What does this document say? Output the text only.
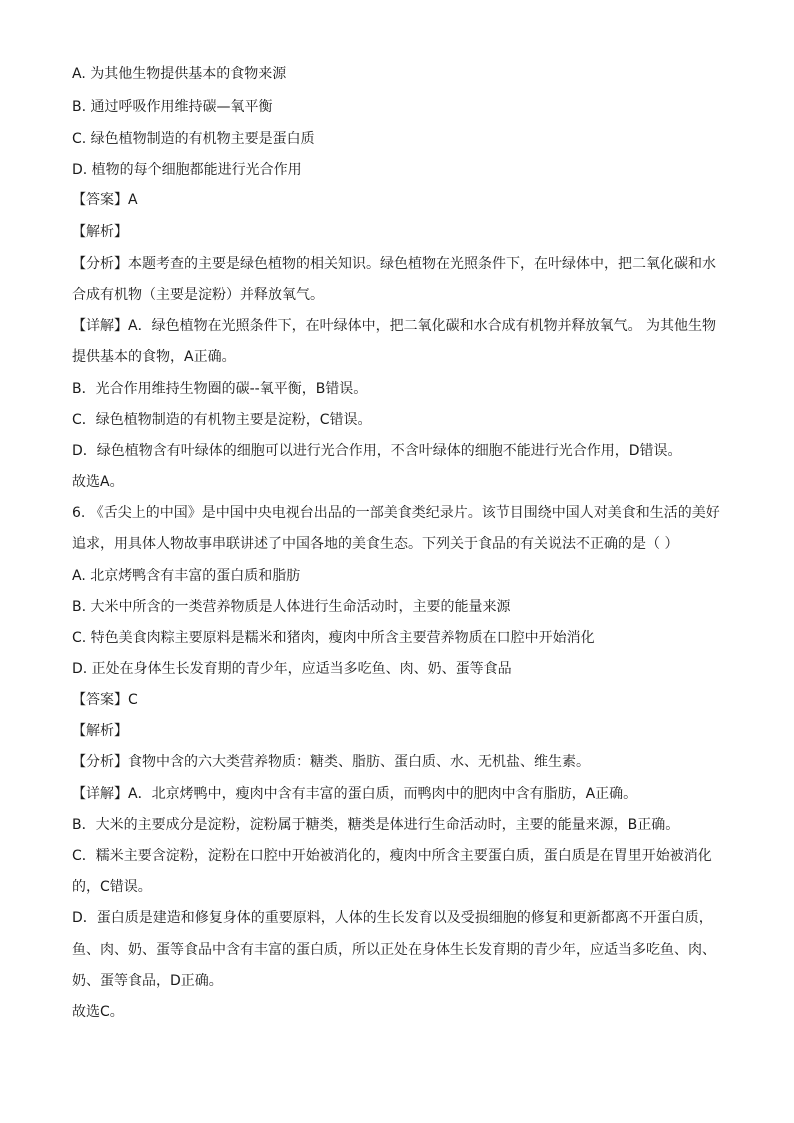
A. 为其他生物提供基本的食物来源
B. 通过呼吸作用维持碳—氧平衡
C. 绿色植物制造的有机物主要是蛋白质
D. 植物的每个细胞都能进行光合作用
【答案】A
【解析】
【分析】本题考查的主要是绿色植物的相关知识。绿色植物在光照条件下，在叶绿体中，把二氧化碳和水
合成有机物（主要是淀粉）并释放氧气。
【详解】A．绿色植物在光照条件下，在叶绿体中，把二氧化碳和水合成有机物并释放氧气。 为其他生物
提供基本的食物，A正确。
B．光合作用维持生物圈的碳--氧平衡，B错误。
C．绿色植物制造的有机物主要是淀粉，C错误。
D．绿色植物含有叶绿体的细胞可以进行光合作用，不含叶绿体的细胞不能进行光合作用，D错误。
故选A。
6. 《舌尖上的中国》是中国中央电视台出品的一部美食类纪录片。该节目围绕中国人对美食和生活的美好
追求，用具体人物故事串联讲述了中国各地的美食生态。下列关于食品的有关说法不正确的是（ ）
A. 北京烤鸭含有丰富的蛋白质和脂肪
B. 大米中所含的一类营养物质是人体进行生命活动时，主要的能量来源
C. 特色美食肉粽主要原料是糯米和猪肉，瘦肉中所含主要营养物质在口腔中开始消化
D. 正处在身体生长发育期的青少年，应适当多吃鱼、肉、奶、蛋等食品
【答案】C
【解析】
【分析】食物中含的六大类营养物质：糖类、脂肪、蛋白质、水、无机盐、维生素。
【详解】A．北京烤鸭中，瘦肉中含有丰富的蛋白质，而鸭肉中的肥肉中含有脂肪，A正确。
B．大米的主要成分是淀粉，淀粉属于糖类，糖类是体进行生命活动时，主要的能量来源，B正确。
C．糯米主要含淀粉，淀粉在口腔中开始被消化的，瘦肉中所含主要蛋白质，蛋白质是在胃里开始被消化
的，C错误。
D．蛋白质是建造和修复身体的重要原料，人体的生长发育以及受损细胞的修复和更新都离不开蛋白质，
鱼、肉、奶、蛋等食品中含有丰富的蛋白质，所以正处在身体生长发育期的青少年，应适当多吃鱼、肉、
奶、蛋等食品，D正确。
故选C。
